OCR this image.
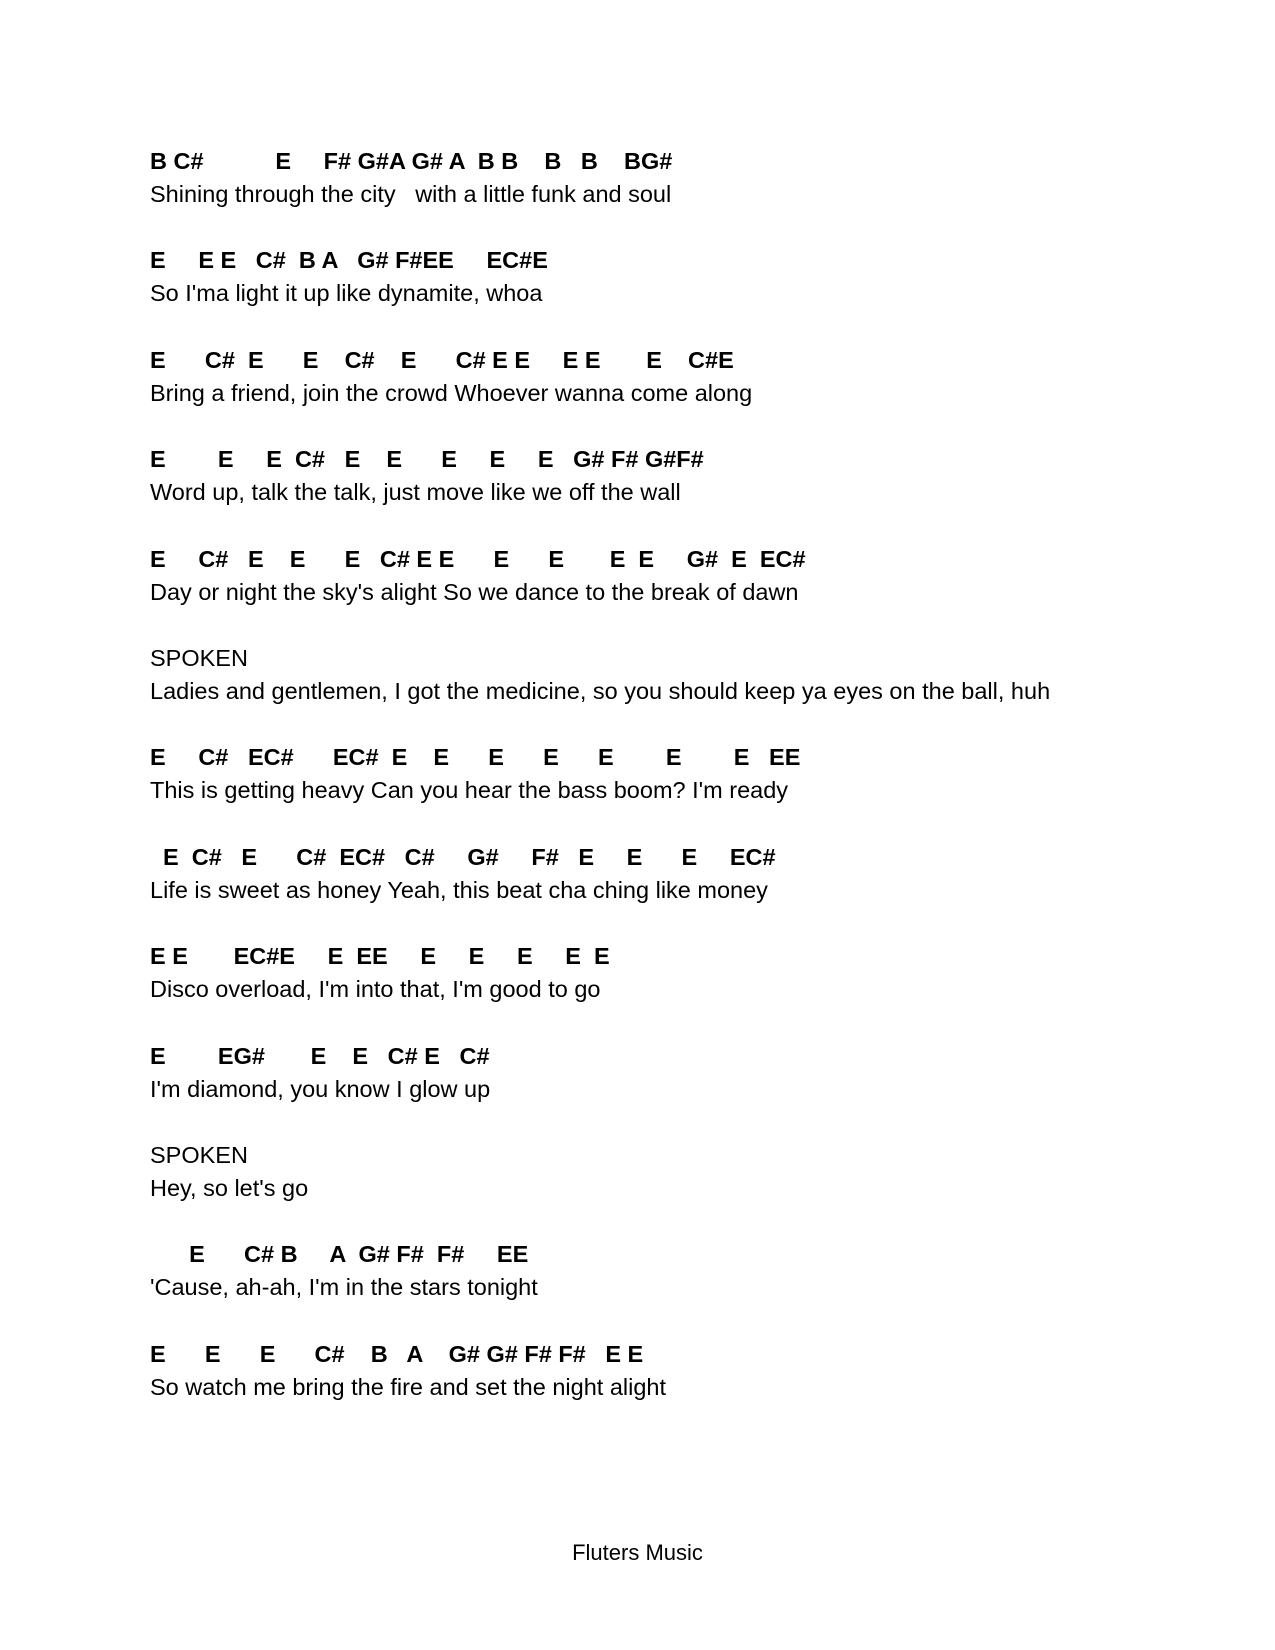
B C#           E     F# G#A G# A  B B    B   B    BG#

Shining through the city   with a little funk and soul

E     E E   C#  B A   G# F#EE     EC#E

So I'ma light it up like dynamite, whoa

E      C#  E      E    C#    E      C# E E     E E       E    C#E

Bring a friend, join the crowd Whoever wanna come along

E        E     E  C#   E    E      E     E     E   G# F# G#F#

Word up, talk the talk, just move like we off the wall

E     C#   E    E      E   C# E E      E      E       E  E     G#  E  EC#

Day or night the sky's alight So we dance to the break of dawn

SPOKEN

Ladies and gentlemen, I got the medicine, so you should keep ya eyes on the ball, huh

E     C#   EC#      EC#  E    E      E      E      E        E        E   EE

This is getting heavy Can you hear the bass boom? I'm ready

E  C#   E      C#  EC#   C#     G#     F#   E     E      E     EC#

Life is sweet as honey Yeah, this beat cha ching like money

E E       EC#E     E  EE     E     E     E     E  E

Disco overload, I'm into that, I'm good to go

E        EG#       E    E   C# E   C#

I'm diamond, you know I glow up

SPOKEN

Hey, so let's go

E      C# B     A  G# F#  F#     EE

'Cause, ah-ah, I'm in the stars tonight

E      E      E      C#    B   A    G# G# F# F#   E E

So watch me bring the fire and set the night alight

Fluters Music
